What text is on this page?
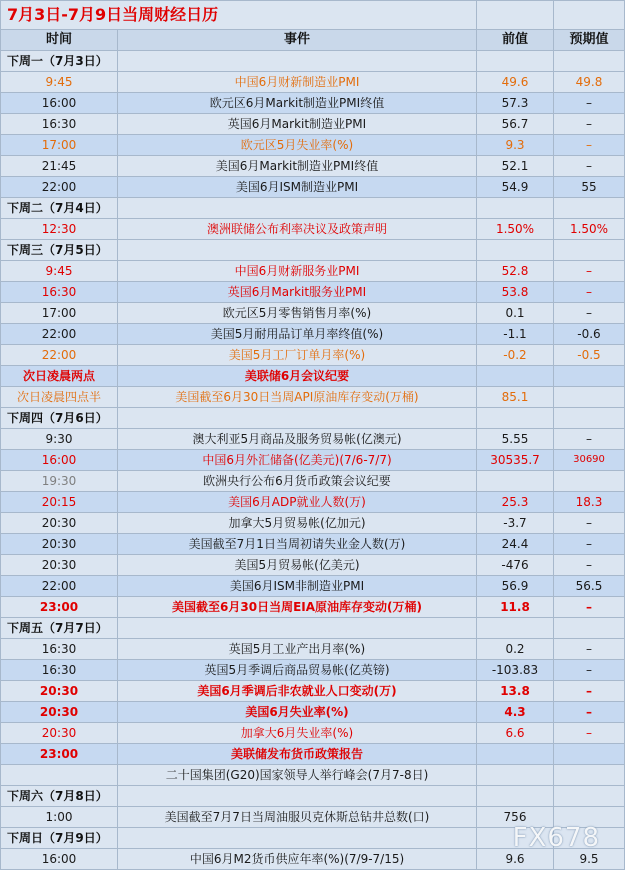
7月3日-7月9日当周财经日历			
时间	事件	前值	预期值
下周一（7月3日）			
9:45	中国6月财新制造业PMI	49.6	49.8
16:00	欧元区6月Markit制造业PMI终值	57.3	–
16:30	英国6月Markit制造业PMI	56.7	–
17:00	欧元区5月失业率(%)	9.3	–
21:45	美国6月Markit制造业PMI终值	52.1	–
22:00	美国6月ISM制造业PMI	54.9	55
下周二（7月4日）			
12:30	澳洲联储公布利率决议及政策声明	1.50%	1.50%
下周三（7月5日）			
9:45	中国6月财新服务业PMI	52.8	–
16:30	英国6月Markit服务业PMI	53.8	–
17:00	欧元区5月零售销售月率(%)	0.1	–
22:00	美国5月耐用品订单月率终值(%)	-1.1	-0.6
22:00	美国5月工厂订单月率(%)	-0.2	-0.5
次日凌晨两点	美联储6月会议纪要		
次日凌晨四点半	美国截至6月30日当周API原油库存变动(万桶)	85.1	
下周四（7月6日）			
9:30	澳大利亚5月商品及服务贸易帐(亿澳元)	5.55	–
16:00	中国6月外汇储备(亿美元)(7/6-7/7)	30535.7	30690
19:30	欧洲央行公布6月货币政策会议纪要		
20:15	美国6月ADP就业人数(万)	25.3	18.3
20:30	加拿大5月贸易帐(亿加元)	-3.7	–
20:30	美国截至7月1日当周初请失业金人数(万)	24.4	–
20:30	美国5月贸易帐(亿美元)	-476	–
22:00	美国6月ISM非制造业PMI	56.9	56.5
23:00	美国截至6月30日当周EIA原油库存变动(万桶)	11.8	–
下周五（7月7日）			
16:30	英国5月工业产出月率(%)	0.2	–
16:30	英国5月季调后商品贸易帐(亿英镑)	-103.83	–
20:30	美国6月季调后非农就业人口变动(万)	13.8	–
20:30	美国6月失业率(%)	4.3	–
20:30	加拿大6月失业率(%)	6.6	–
23:00	美联储发布货币政策报告		
	二十国集团(G20)国家领导人举行峰会(7月7-8日)		
下周六（7月8日）			
1:00	美国截至7月7日当周油服贝克休斯总钻井总数(口)	756	
下周日（7月9日）			
16:00	中国6月M2货币供应年率(%)(7/9-7/15)	9.6	9.5
FX678
